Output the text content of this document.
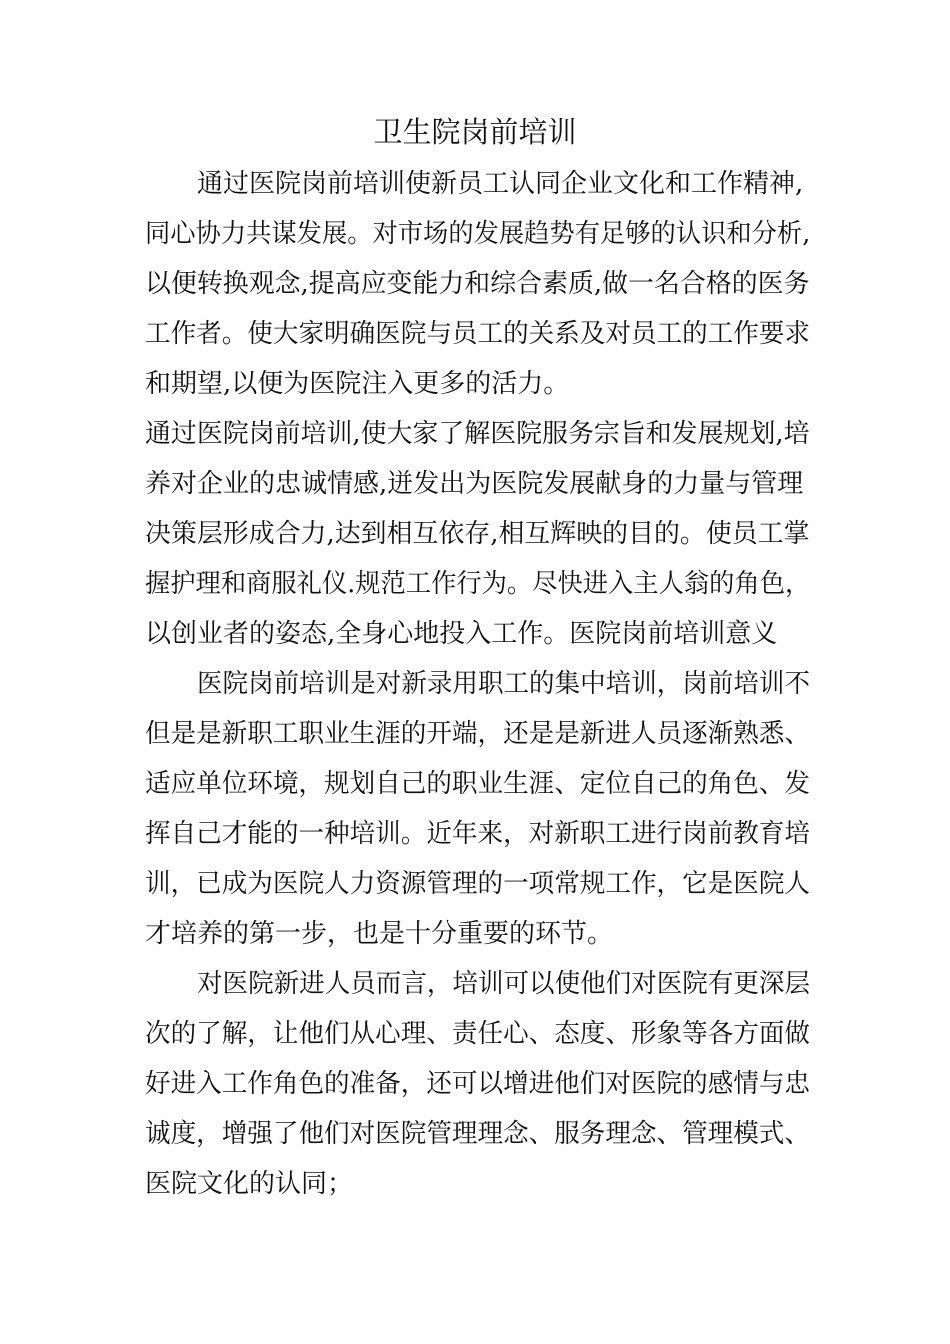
卫生院岗前培训
通过医院岗前培训使新员工认同企业文化和工作精神,
同心协力共谋发展。对市场的发展趋势有足够的认识和分析,
以便转换观念,提高应变能力和综合素质,做一名合格的医务
工作者。使大家明确医院与员工的关系及对员工的工作要求
和期望,以便为医院注入更多的活力。
通过医院岗前培训,使大家了解医院服务宗旨和发展规划,培
养对企业的忠诚情感,迸发出为医院发展献身的力量与管理
决策层形成合力,达到相互依存,相互辉映的目的。使员工掌
握护理和商服礼仪.规范工作行为。尽快进入主人翁的角色，
以创业者的姿态,全身心地投入工作。医院岗前培训意义
医院岗前培训是对新录用职工的集中培训，岗前培训不
但是是新职工职业生涯的开端，还是是新进人员逐渐熟悉、
适应单位环境，规划自己的职业生涯、定位自己的角色、发
挥自己才能的一种培训。近年来，对新职工进行岗前教育培
训，已成为医院人力资源管理的一项常规工作，它是医院人
才培养的第一步，也是十分重要的环节。
对医院新进人员而言，培训可以使他们对医院有更深层
次的了解，让他们从心理、责任心、态度、形象等各方面做
好进入工作角色的准备，还可以增进他们对医院的感情与忠
诚度，增强了他们对医院管理理念、服务理念、管理模式、
医院文化的认同；
